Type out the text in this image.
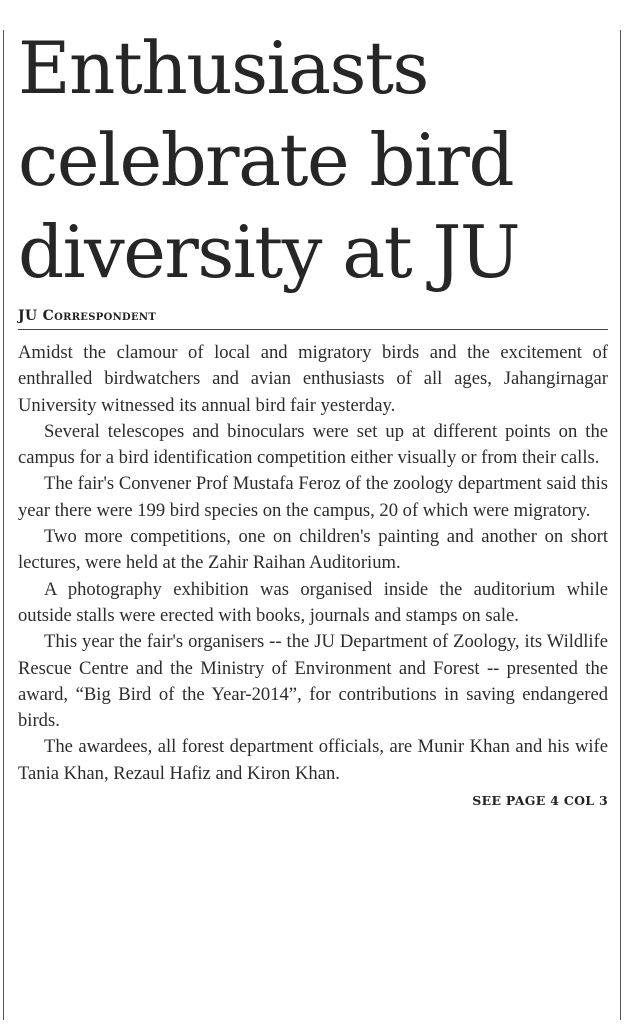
Enthusiasts
celebrate bird
diversity at JU
JU Correspondent

Amidst the clamour of local and migratory birds and the excitement of enthralled birdwatchers and avian enthusiasts of all ages, Jahangirnagar University witnessed its annual bird fair yesterday.

Several telescopes and binoculars were set up at different points on the campus for a bird identification competition either visually or from their calls.

The fair's Convener Prof Mustafa Feroz of the zoology department said this year there were 199 bird species on the campus, 20 of which were migratory.

Two more competitions, one on children's painting and another on short lectures, were held at the Zahir Raihan Auditorium.

A photography exhibition was organised inside the auditorium while outside stalls were erected with books, journals and stamps on sale.

This year the fair's organisers -- the JU Department of Zoology, its Wildlife Rescue Centre and the Ministry of Environment and Forest -- presented the award, “Big Bird of the Year-2014”, for contributions in saving endangered birds.

The awardees, all forest department officials, are Munir Khan and his wife Tania Khan, Rezaul Hafiz and Kiron Khan.

SEE PAGE 4 COL 3
